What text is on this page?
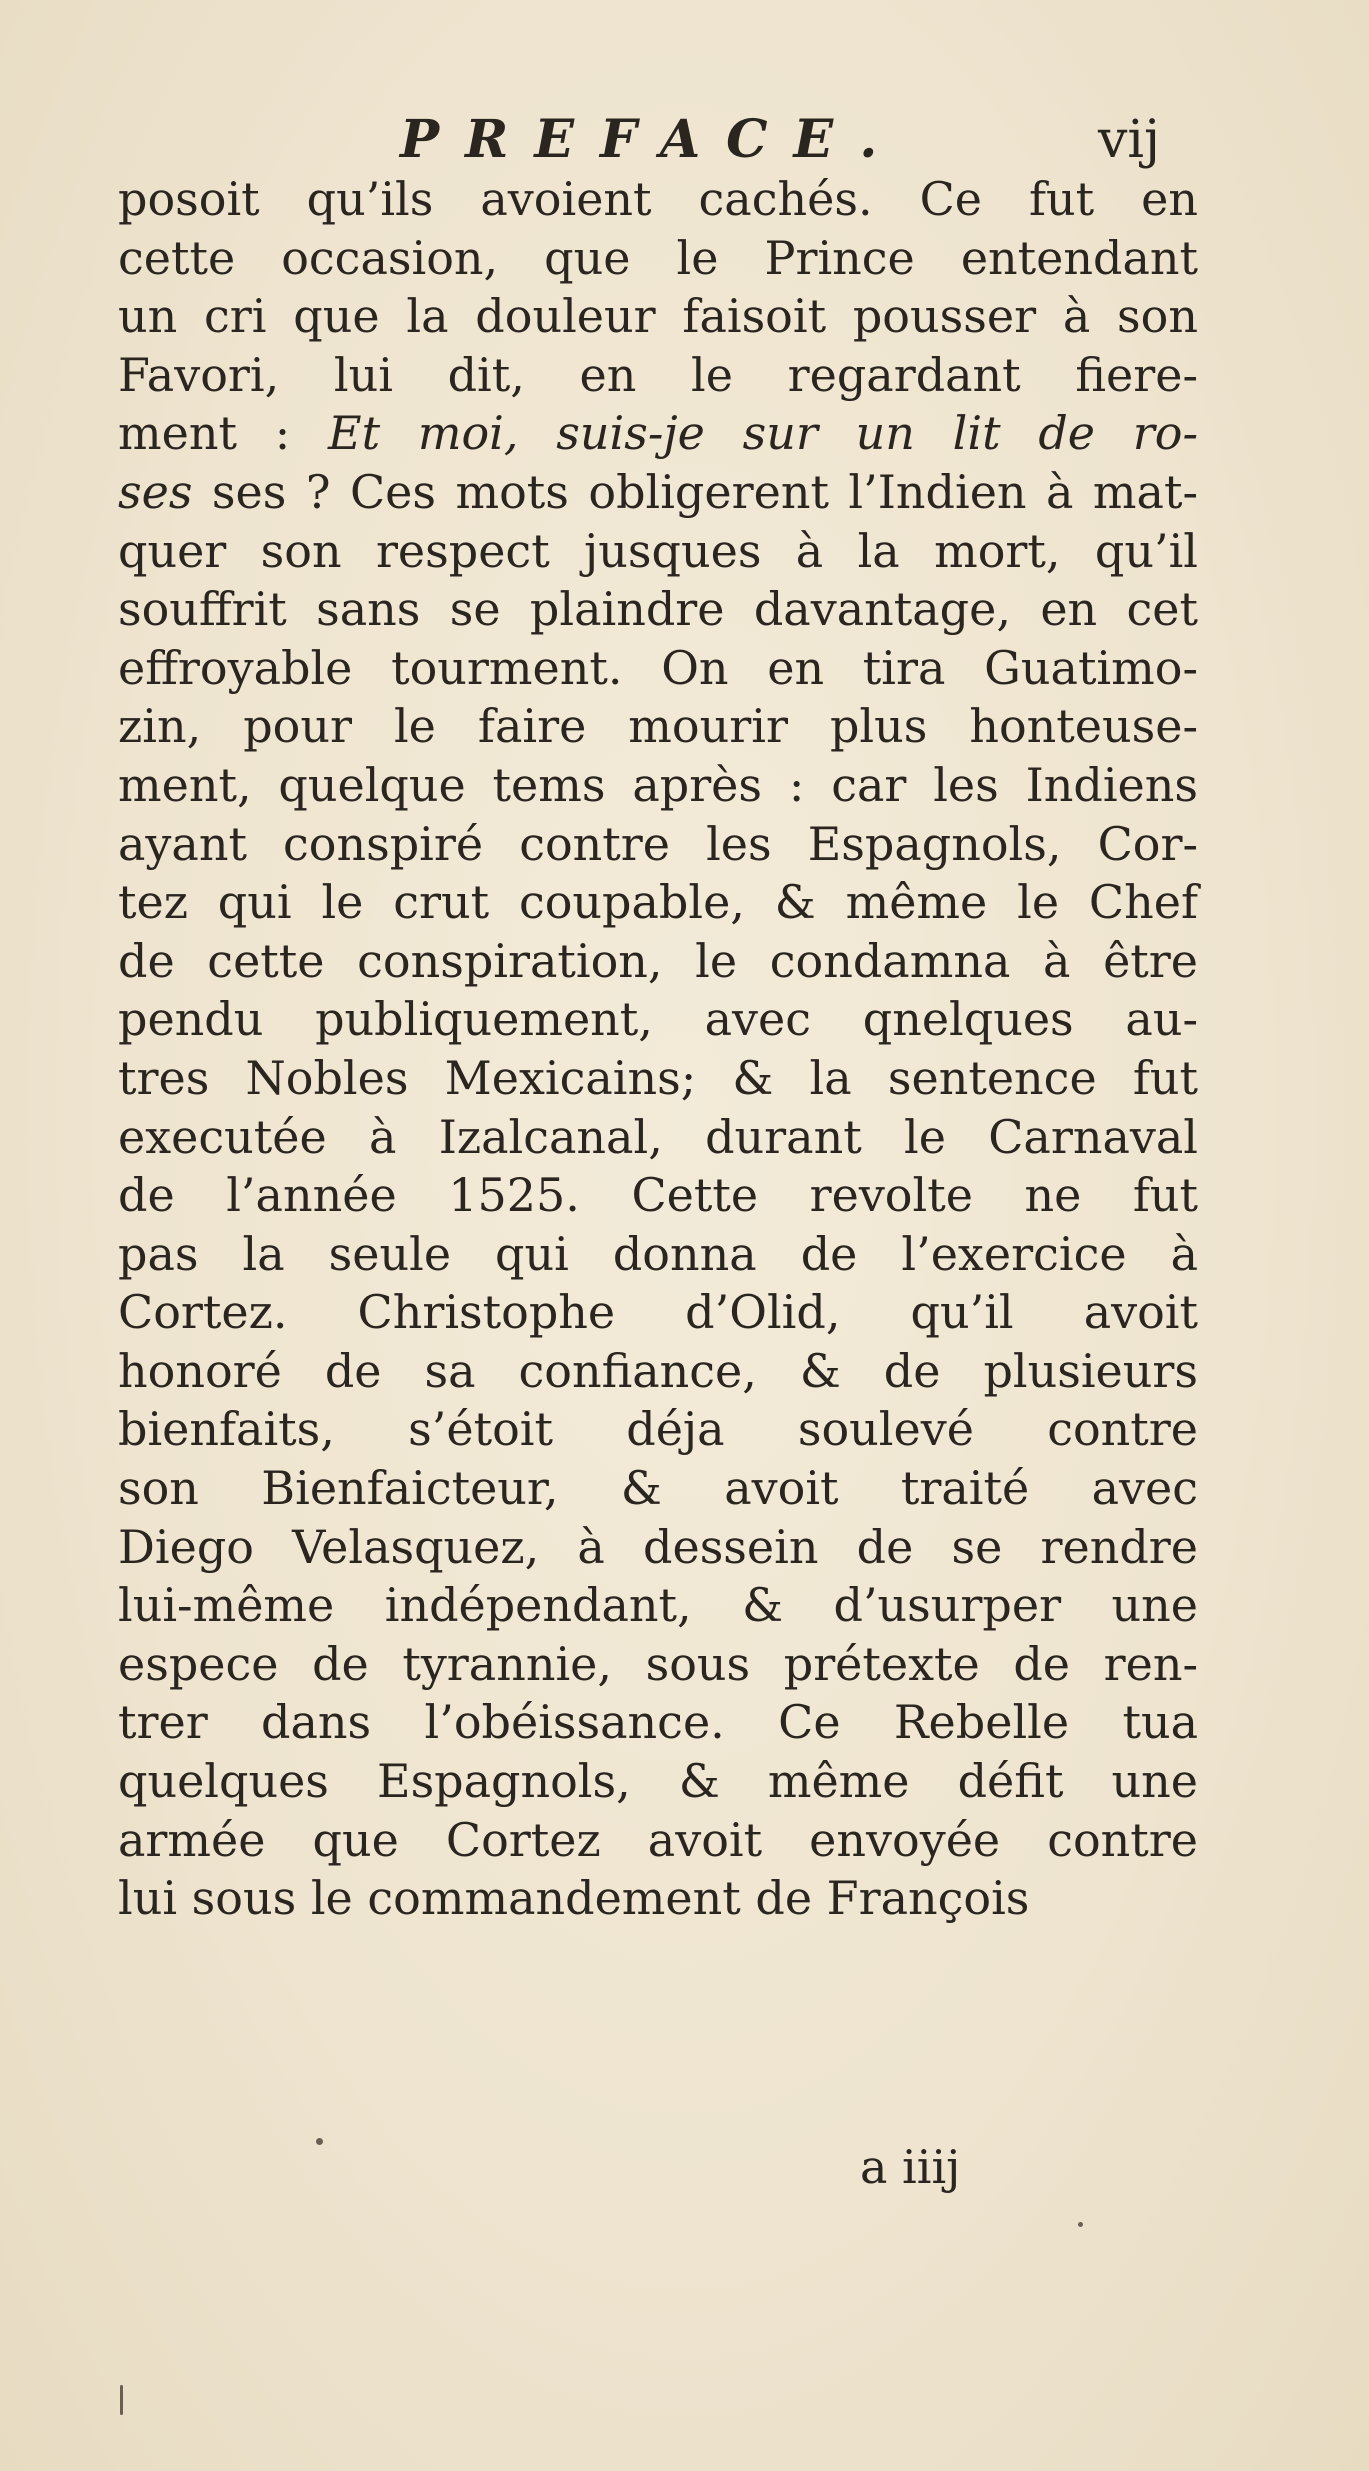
PREFACE.	vij
posoit qu’ils avoient cachés. Ce fut en
cette occasion, que le Prince entendant
un cri que la douleur faisoit pousser à son
Favori, lui dit, en le regardant fiere-
ment : Et moi, suis-je sur un lit de ro-
ses ses ? Ces mots obligerent l’Indien à mat-
quer son respect jusques à la mort, qu’il
souffrit sans se plaindre davantage, en cet
effroyable tourment. On en tira Guatimo-
zin, pour le faire mourir plus honteuse-
ment, quelque tems après : car les Indiens
ayant conspiré contre les Espagnols, Cor-
tez qui le crut coupable, & même le Chef
de cette conspiration, le condamna à être
pendu publiquement, avec qnelques au-
tres Nobles Mexicains; & la sentence fut
executée à Izalcanal, durant le Carnaval
de l’année 1525. Cette revolte ne fut
pas la seule qui donna de l’exercice à
Cortez. Christophe d’Olid, qu’il avoit
honoré de sa confiance, & de plusieurs
bienfaits, s’étoit déja soulevé contre
son Bienfaicteur, & avoit traité avec
Diego Velasquez, à dessein de se rendre
lui-même indépendant, & d’usurper une
espece de tyrannie, sous prétexte de ren-
trer dans l’obéissance. Ce Rebelle tua
quelques Espagnols, & même défit une
armée que Cortez avoit envoyée contre
lui sous le commandement de François
a iiij
